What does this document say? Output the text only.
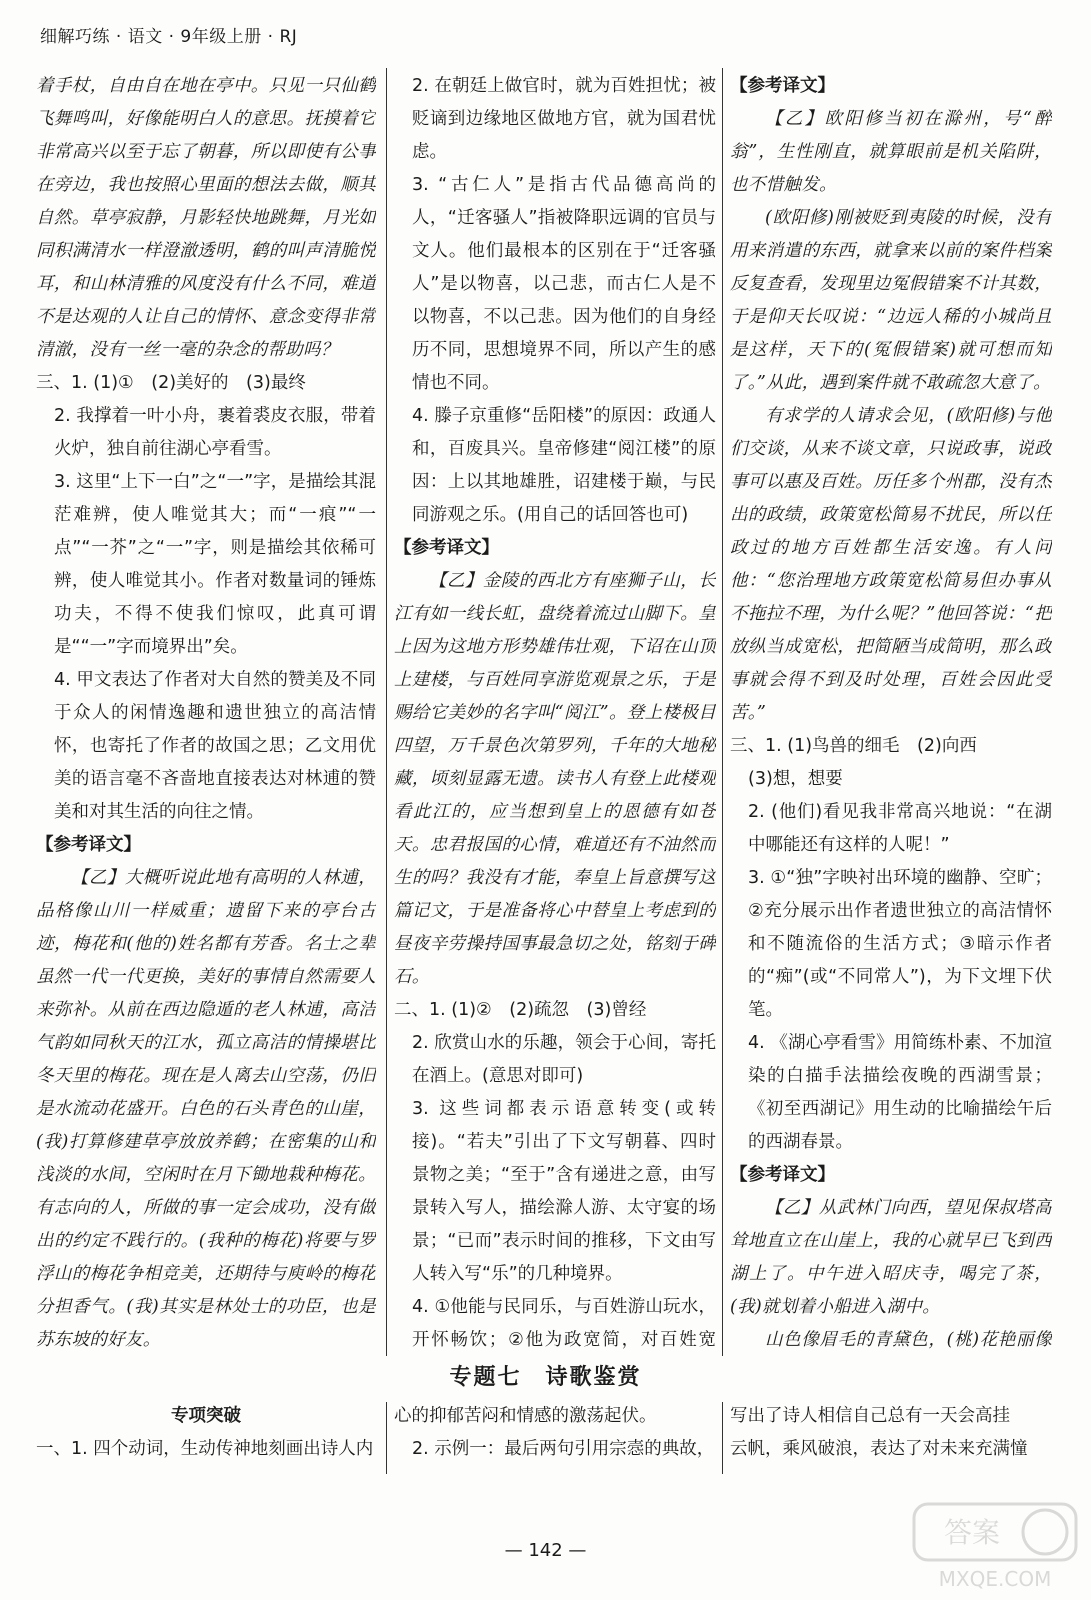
细解巧练 · 语文 · 9年级上册 · RJ

着手杖，自由自在地在亭中。只见一只仙鹤飞舞鸣叫，好像能明白人的意思。抚摸着它非常高兴以至于忘了朝暮，所以即使有公事在旁边，我也按照心里面的想法去做，顺其自然。草亭寂静，月影轻快地跳舞，月光如同积满清水一样澄澈透明，鹤的叫声清脆悦耳，和山林清雅的风度没有什么不同，难道不是达观的人让自己的情怀、意念变得非常清澈，没有一丝一毫的杂念的帮助吗？

三、1. (1)①　(2)美好的　(3)最终

2. 我撑着一叶小舟，裹着裘皮衣服，带着火炉，独自前往湖心亭看雪。

3. 这里“上下一白”之“一”字，是描绘其混茫难辨，使人唯觉其大；而“一痕”“一点”“一芥”之“一”字，则是描绘其依稀可辨，使人唯觉其小。作者对数量词的锤炼功夫，不得不使我们惊叹，此真可谓是““一”字而境界出”矣。

4. 甲文表达了作者对大自然的赞美及不同于众人的闲情逸趣和遗世独立的高洁情怀，也寄托了作者的故国之思；乙文用优美的语言毫不吝啬地直接表达对林逋的赞美和对其生活的向往之情。

【参考译文】

【乙】大概听说此地有高明的人林逋，品格像山川一样威重；遗留下来的亭台古迹，梅花和(他的)姓名都有芳香。名士之辈虽然一代一代更换，美好的事情自然需要人来弥补。从前在西边隐遁的老人林逋，高洁气韵如同秋天的江水，孤立高洁的情操堪比冬天里的梅花。现在是人离去山空荡，仍旧是水流动花盛开。白色的石头青色的山崖，(我)打算修建草亭放放养鹤；在密集的山和浅淡的水间，空闲时在月下锄地栽种梅花。有志向的人，所做的事一定会成功，没有做出的约定不践行的。(我种的梅花)将要与罗浮山的梅花争相竞美，还期待与庾岭的梅花分担香气。(我)其实是林处士的功臣，也是苏东坡的好友。

2. 在朝廷上做官时，就为百姓担忧；被贬谪到边缘地区做地方官，就为国君忧虑。

3. “古仁人”是指古代品德高尚的人，“迁客骚人”指被降职远调的官员与文人。他们最根本的区别在于“迁客骚人”是以物喜，以己悲，而古仁人是不以物喜，不以己悲。因为他们的自身经历不同，思想境界不同，所以产生的感情也不同。

4. 滕子京重修“岳阳楼”的原因：政通人和，百废具兴。皇帝修建“阅江楼”的原因：上以其地雄胜，诏建楼于巅，与民同游观之乐。(用自己的话回答也可)

【参考译文】

【乙】金陵的西北方有座狮子山，长江有如一线长虹，盘绕着流过山脚下。皇上因为这地方形势雄伟壮观，下诏在山顶上建楼，与百姓同享游览观景之乐，于是赐给它美妙的名字叫“阅江”。登上楼极目四望，万千景色次第罗列，千年的大地秘藏，顷刻显露无遗。读书人有登上此楼观看此江的，应当想到皇上的恩德有如苍天。忠君报国的心情，难道还有不油然而生的吗？我没有才能，奉皇上旨意撰写这篇记文，于是准备将心中替皇上考虑到的昼夜辛劳操持国事最急切之处，铭刻于碑石。

二、1. (1)②　(2)疏忽　(3)曾经

2. 欣赏山水的乐趣，领会于心间，寄托在酒上。(意思对即可)

3. 这些词都表示语意转变(或转接)。“若夫”引出了下文写朝暮、四时景物之美；“至于”含有递进之意，由写景转入写人，描绘滁人游、太守宴的场景；“已而”表示时间的推移，下文由写人转入写“乐”的几种境界。

4. ①他能与民同乐，与百姓游山玩水，开怀畅饮；②他为政宽简，对百姓宽

【参考译文】

【乙】欧阳修当初在滁州，号“醉翁”，生性刚直，就算眼前是机关陷阱，也不惜触发。

(欧阳修)刚被贬到夷陵的时候，没有用来消遣的东西，就拿来以前的案件档案反复查看，发现里边冤假错案不计其数，于是仰天长叹说：“边远人稀的小城尚且是这样，天下的(冤假错案)就可想而知了。”从此，遇到案件就不敢疏忽大意了。

有求学的人请求会见，(欧阳修)与他们交谈，从来不谈文章，只说政事，说政事可以惠及百姓。历任多个州郡，没有杰出的政绩，政策宽松简易不扰民，所以任政过的地方百姓都生活安逸。有人问他：“您治理地方政策宽松简易但办事从不拖拉不理，为什么呢？”他回答说：“把放纵当成宽松，把简陋当成简明，那么政事就会得不到及时处理，百姓会因此受苦。”

三、1. (1)鸟兽的细毛　(2)向西

(3)想，想要

2. (他们)看见我非常高兴地说：“在湖中哪能还有这样的人呢！”

3. ①“独”字映衬出环境的幽静、空旷；②充分展示出作者遗世独立的高洁情怀和不随流俗的生活方式；③暗示作者的“痴”(或“不同常人”)，为下文埋下伏笔。

4. 《湖心亭看雪》用简练朴素、不加渲染的白描手法描绘夜晚的西湖雪景；《初至西湖记》用生动的比喻描绘午后的西湖春景。

【参考译文】

【乙】从武林门向西，望见保叔塔高耸地直立在山崖上，我的心就早已飞到西湖上了。中午进入昭庆寺，喝完了茶，(我)就划着小船进入湖中。

山色像眉毛的青黛色，(桃)花艳丽像

专题七　诗歌鉴赏

专项突破

一、1. 四个动词，生动传神地刻画出诗人内

心的抑郁苦闷和情感的激荡起伏。

2. 示例一：最后两句引用宗悫的典故，

写出了诗人相信自己总有一天会高挂

云帆，乘风破浪，表达了对未来充满憧

— 142 —
答案
MXQE.COM
